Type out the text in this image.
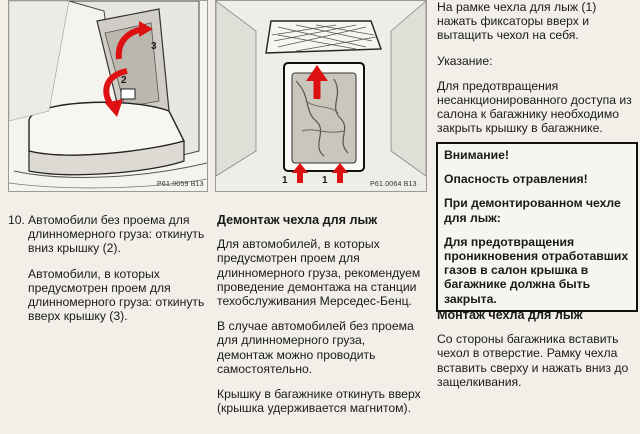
2
3
P61.0059 B13	1	1	P61.0064 B13
10. Автомобили без проема для длинномерного груза: откинуть вниз крышку (2).

Автомобили, в которых предусмотрен проем для длинномерного груза: откинуть вверх крышку (3).

Демонтаж чехла для лыж

Для автомобилей, в которых предусмотрен проем для длинномерного груза, рекомендуем проведение демонтажа на станции техобслуживания Мерседес-Бенц.

В случае автомобилей без проема для длинномерного груза, демонтаж можно проводить самостоятельно.

Крышку в багажнике откинуть вверх (крышка удерживается магнитом).

На рамке чехла для лыж (1) нажать фиксаторы вверх и вытащить чехол на себя.

Указание:

Для предотвращения несанкционированного доступа из салона к багажнику необходимо закрыть крышку в багажнике.

Внимание!

Опасность отравления!

При демонтированном чехле для лыж:

Для предотвращения проникновения отработавших газов в салон крышка в багажнике должна быть закрыта.

Монтаж чехла для лыж

Со стороны багажника вставить чехол в отверстие. Рамку чехла вставить сверху и нажать вниз до защелкивания.
